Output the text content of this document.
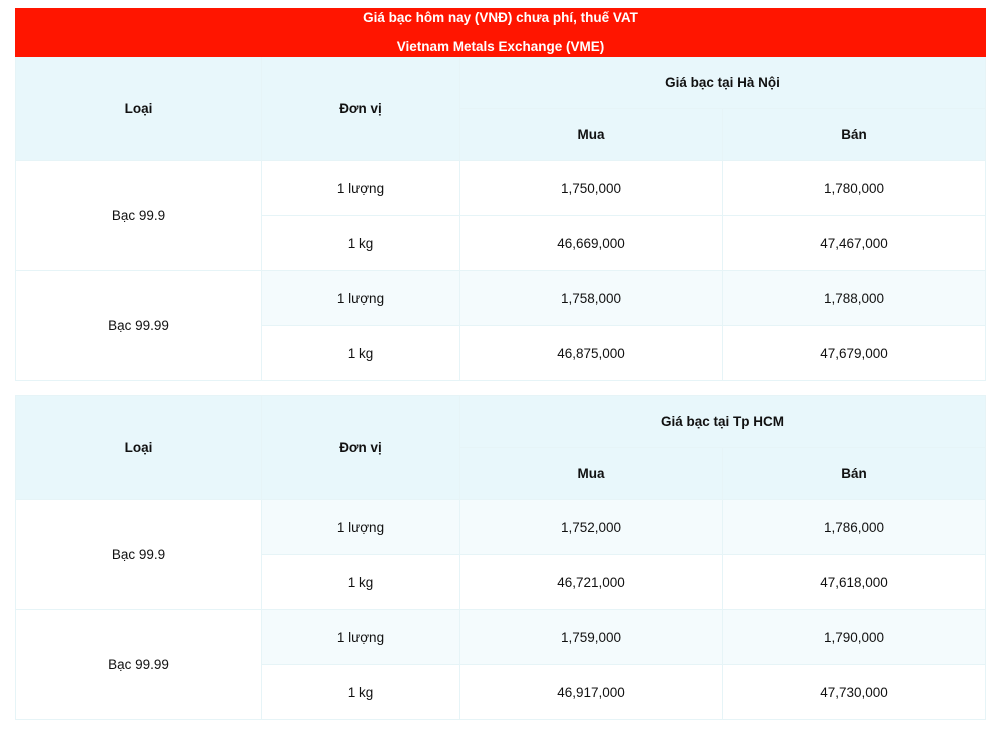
Giá bạc hôm nay (VNĐ) chưa phí, thuế VAT
Vietnam Metals Exchange (VME)			

Loại	Đơn vị	Giá bạc tại Hà Nội	
		Mua	Bán
Bạc 99.9	1 lượng	1,750,000	1,780,000
	1 kg	46,669,000	47,467,000
Bạc 99.99	1 lượng	1,758,000	1,788,000
	1 kg	46,875,000	47,679,000

Loại	Đơn vị	Giá bạc tại Tp HCM	
		Mua	Bán
Bạc 99.9	1 lượng	1,752,000	1,786,000
	1 kg	46,721,000	47,618,000
Bạc 99.99	1 lượng	1,759,000	1,790,000
	1 kg	46,917,000	47,730,000
